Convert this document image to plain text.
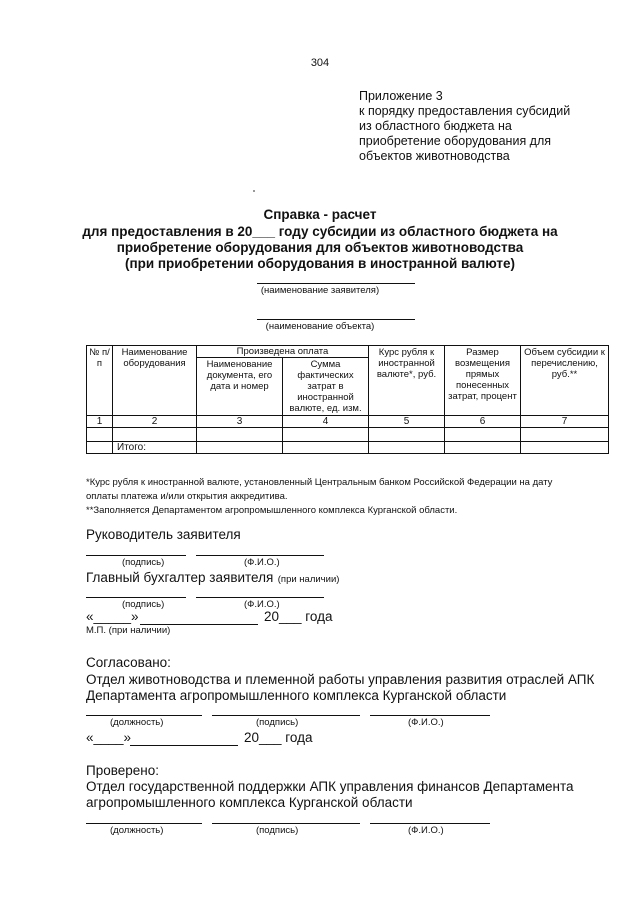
304
Приложение 3
к порядку предоставления субсидий
из областного бюджета на
приобретение оборудования для
объектов животноводства
Справка - расчет
для предоставления в 20___ году субсидии из областного бюджета на
приобретение оборудования для объектов животноводства
(при приобретении оборудования в иностранной валюте)
(наименование заявителя)
(наименование объекта)
№ п/п	Наименование оборудования	Произведена оплата		Курс рубля к иностранной валюте*, руб.	Размер возмещения прямых понесенных затрат, процент	Объем субсидии к перечислению, руб.**
		Наименование документа, его дата и номер	Сумма фактических затрат в иностранной валюте, ед. изм.			
1	2	3	4	5	6	7

	Итого:					
*Курс рубля к иностранной валюте, установленный Центральным банком Российской Федерации на дату
оплаты платежа и/или открытия аккредитива.
**Заполняется Департаментом агропромышленного комплекса Курганской области.
Руководитель заявителя
(подпись)	(Ф.И.О.)
Главный бухгалтер заявителя (при наличии)
(подпись)	(Ф.И.О.)
«_____»	20___ года
М.П. (при наличии)
Согласовано:
Отдел животноводства и племенной работы управления развития отраслей АПК
Департамента агропромышленного комплекса Курганской области
(должность)	(подпись)	(Ф.И.О.)
«____»	20___ года
Проверено:
Отдел государственной поддержки АПК управления финансов Департамента
агропромышленного комплекса Курганской области
(должность)	(подпись)	(Ф.И.О.)
